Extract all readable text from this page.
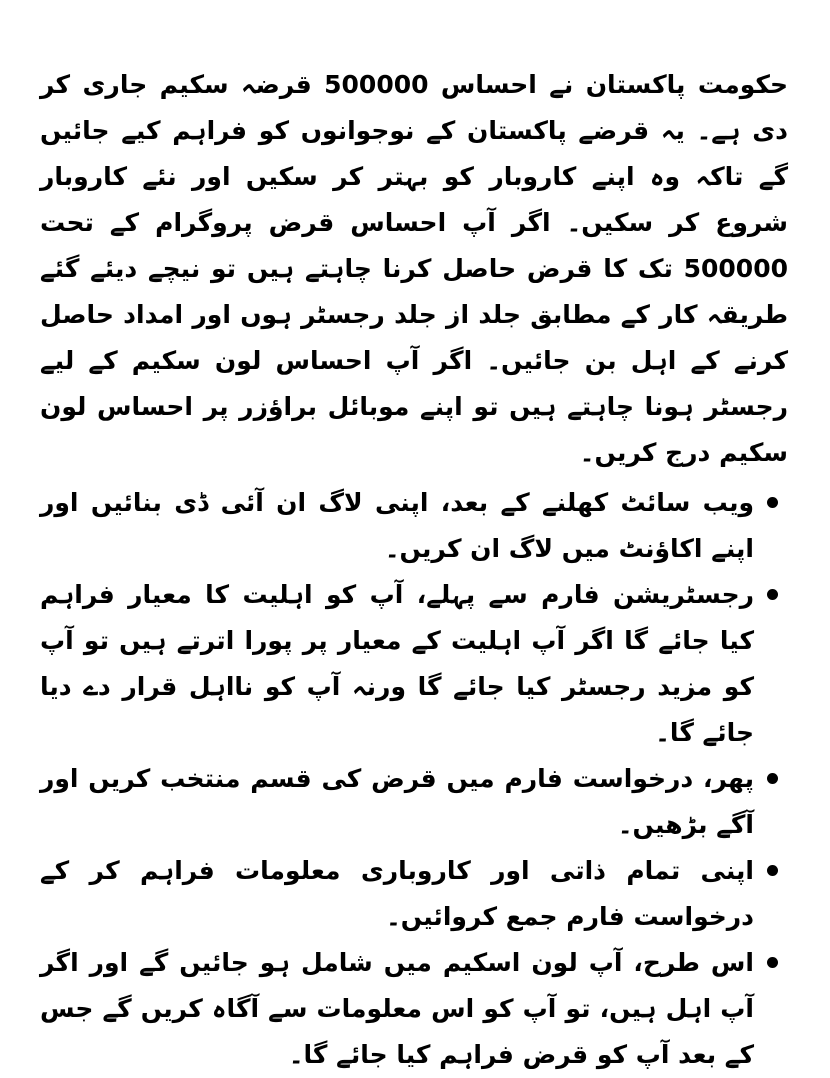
حکومت پاکستان نے احساس 500000 قرضہ سکیم جاری کر دی ہے۔ یہ قرضے پاکستان کے نوجوانوں کو فراہم کیے جائیں گے تاکہ وہ اپنے کاروبار کو بہتر کر سکیں اور نئے کاروبار شروع کر سکیں۔ اگر آپ احساس قرض پروگرام کے تحت 500000 تک کا قرض حاصل کرنا چاہتے ہیں تو نیچے دیئے گئے طریقہ کار کے مطابق جلد از جلد رجسٹر ہوں اور امداد حاصل کرنے کے اہل بن جائیں۔ اگر آپ احساس لون سکیم کے لیے رجسٹر ہونا چاہتے ہیں تو اپنے موبائل براؤزر پر احساس لون سکیم درج کریں۔

ویب سائٹ کھلنے کے بعد، اپنی لاگ ان آئی ڈی بنائیں اور اپنے اکاؤنٹ میں لاگ ان کریں۔
رجسٹریشن فارم سے پہلے، آپ کو اہلیت کا معیار فراہم کیا جائے گا اگر آپ اہلیت کے معیار پر پورا اترتے ہیں تو آپ کو مزید رجسٹر کیا جائے گا ورنہ آپ کو نااہل قرار دے دیا جائے گا۔
پھر، درخواست فارم میں قرض کی قسم منتخب کریں اور آگے بڑھیں۔
اپنی تمام ذاتی اور کاروباری معلومات فراہم کر کے درخواست فارم جمع کروائیں۔
اس طرح، آپ لون اسکیم میں شامل ہو جائیں گے اور اگر آپ اہل ہیں، تو آپ کو اس معلومات سے آگاہ کریں گے جس کے بعد آپ کو قرض فراہم کیا جائے گا۔
